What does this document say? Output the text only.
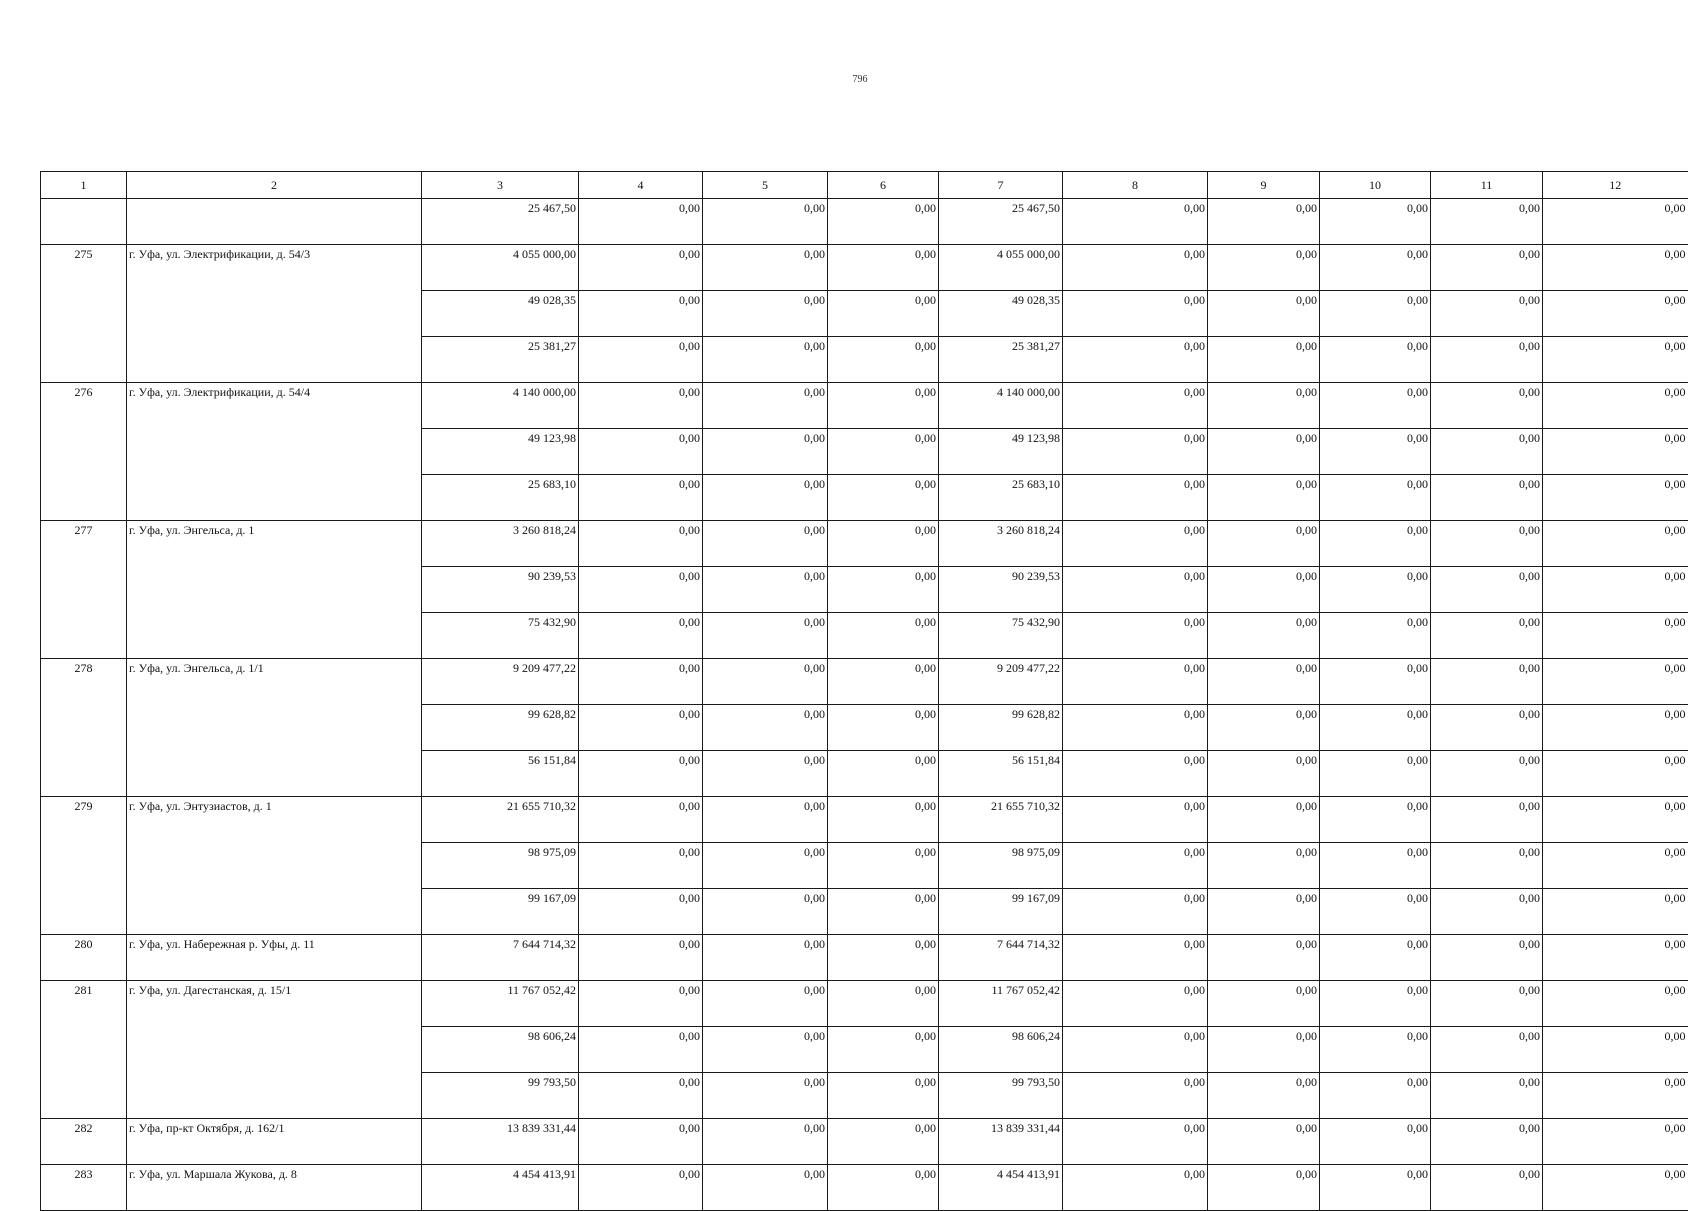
796
1	2	3	4	5	6	7	8	9	10	11	12
		25 467,50	0,00	0,00	0,00	25 467,50	0,00	0,00	0,00	0,00	0,00
275	г. Уфа, ул. Электрификации, д. 54/3	4 055 000,00	0,00	0,00	0,00	4 055 000,00	0,00	0,00	0,00	0,00	0,00
		49 028,35	0,00	0,00	0,00	49 028,35	0,00	0,00	0,00	0,00	0,00
		25 381,27	0,00	0,00	0,00	25 381,27	0,00	0,00	0,00	0,00	0,00
276	г. Уфа, ул. Электрификации, д. 54/4	4 140 000,00	0,00	0,00	0,00	4 140 000,00	0,00	0,00	0,00	0,00	0,00
		49 123,98	0,00	0,00	0,00	49 123,98	0,00	0,00	0,00	0,00	0,00
		25 683,10	0,00	0,00	0,00	25 683,10	0,00	0,00	0,00	0,00	0,00
277	г. Уфа, ул. Энгельса, д. 1	3 260 818,24	0,00	0,00	0,00	3 260 818,24	0,00	0,00	0,00	0,00	0,00
		90 239,53	0,00	0,00	0,00	90 239,53	0,00	0,00	0,00	0,00	0,00
		75 432,90	0,00	0,00	0,00	75 432,90	0,00	0,00	0,00	0,00	0,00
278	г. Уфа, ул. Энгельса, д. 1/1	9 209 477,22	0,00	0,00	0,00	9 209 477,22	0,00	0,00	0,00	0,00	0,00
		99 628,82	0,00	0,00	0,00	99 628,82	0,00	0,00	0,00	0,00	0,00
		56 151,84	0,00	0,00	0,00	56 151,84	0,00	0,00	0,00	0,00	0,00
279	г. Уфа, ул. Энтузиастов, д. 1	21 655 710,32	0,00	0,00	0,00	21 655 710,32	0,00	0,00	0,00	0,00	0,00
		98 975,09	0,00	0,00	0,00	98 975,09	0,00	0,00	0,00	0,00	0,00
		99 167,09	0,00	0,00	0,00	99 167,09	0,00	0,00	0,00	0,00	0,00
280	г. Уфа, ул. Набережная р. Уфы, д. 11	7 644 714,32	0,00	0,00	0,00	7 644 714,32	0,00	0,00	0,00	0,00	0,00
281	г. Уфа, ул. Дагестанская, д. 15/1	11 767 052,42	0,00	0,00	0,00	11 767 052,42	0,00	0,00	0,00	0,00	0,00
		98 606,24	0,00	0,00	0,00	98 606,24	0,00	0,00	0,00	0,00	0,00
		99 793,50	0,00	0,00	0,00	99 793,50	0,00	0,00	0,00	0,00	0,00
282	г. Уфа, пр-кт Октября, д. 162/1	13 839 331,44	0,00	0,00	0,00	13 839 331,44	0,00	0,00	0,00	0,00	0,00
283	г. Уфа, ул. Маршала Жукова, д. 8	4 454 413,91	0,00	0,00	0,00	4 454 413,91	0,00	0,00	0,00	0,00	0,00
